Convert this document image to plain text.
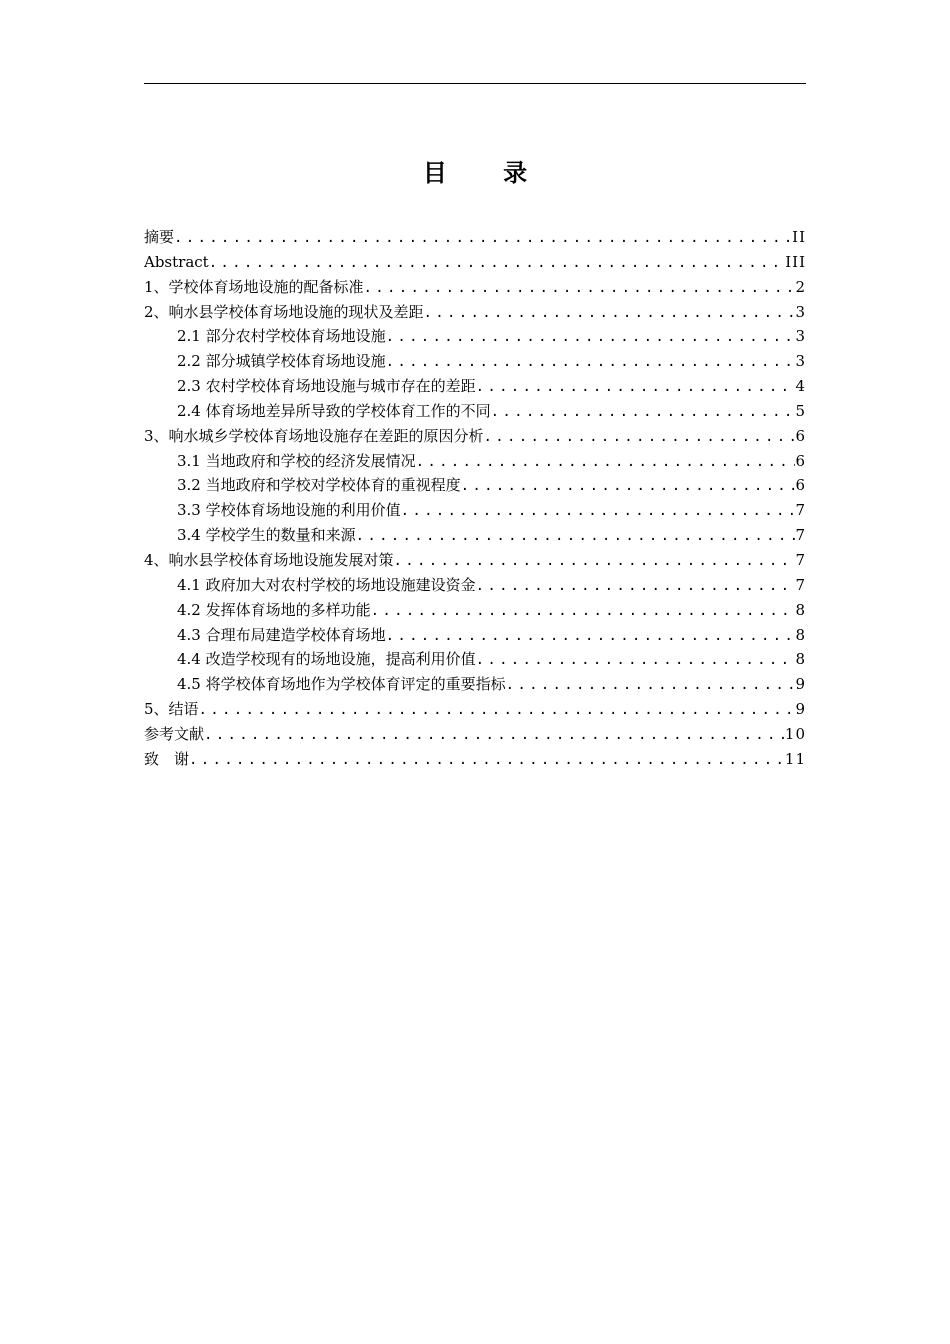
目 录
摘要 .....	II
Abstract .....	III
1、学校体育场地设施的配备标准 .....	2
2、响水县学校体育场地设施的现状及差距 .....	3
2.1 部分农村学校体育场地设施 .....	3
2.2 部分城镇学校体育场地设施 .....	3
2.3 农村学校体育场地设施与城市存在的差距 .....	4
2.4 体育场地差异所导致的学校体育工作的不同 .....	5
3、响水城乡学校体育场地设施存在差距的原因分析 .....	6
3.1 当地政府和学校的经济发展情况 .....	6
3.2 当地政府和学校对学校体育的重视程度 .....	6
3.3 学校体育场地设施的利用价值 .....	7
3.4 学校学生的数量和来源 .....	7
4、响水县学校体育场地设施发展对策 .....	7
4.1 政府加大对农村学校的场地设施建设资金 .....	7
4.2 发挥体育场地的多样功能 .....	8
4.3 合理布局建造学校体育场地 .....	8
4.4 改造学校现有的场地设施，提高利用价值 .....	8
4.5 将学校体育场地作为学校体育评定的重要指标 .....	9
5、结语 .....	9
参考文献 .....	10
致　谢 .....	11
